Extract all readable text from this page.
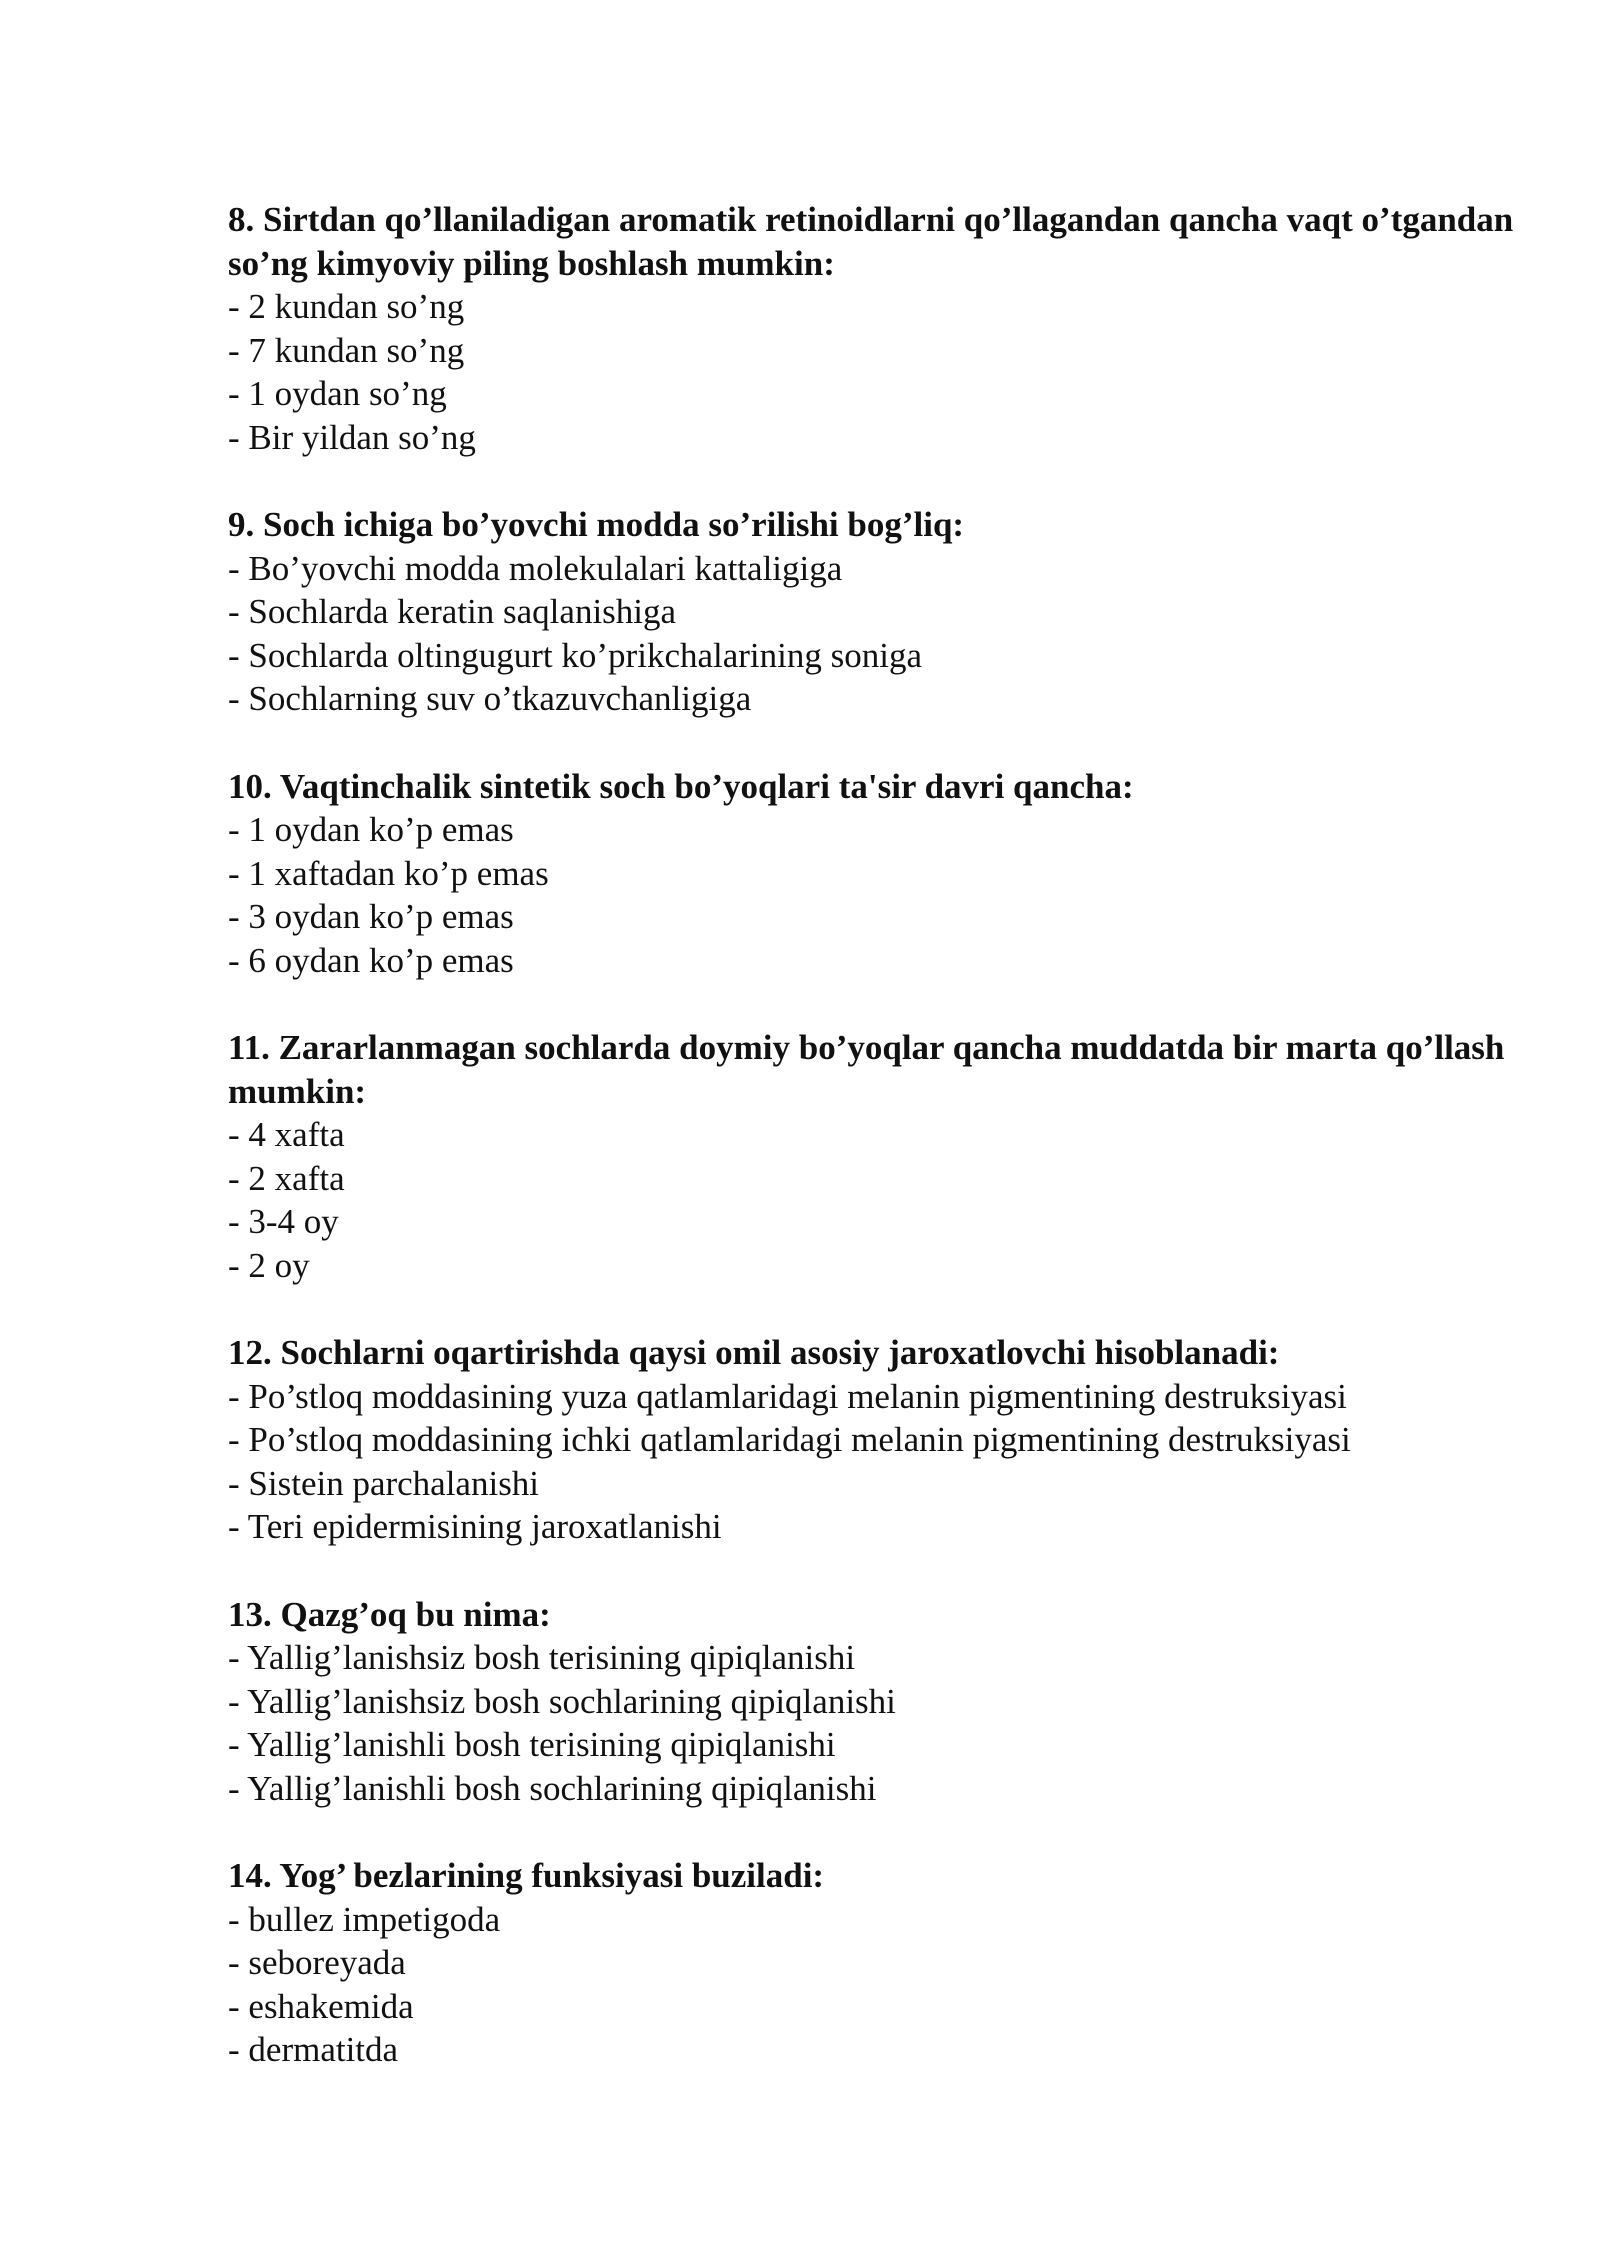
8. Sirtdan qo’llaniladigan aromatik retinoidlarni qo’llagandan qancha vaqt o’tgandan so’ng kimyoviy piling boshlash mumkin:

- 2 kundan so’ng

- 7 kundan so’ng

- 1 oydan so’ng

- Bir yildan so’ng

9. Soch ichiga bo’yovchi modda so’rilishi bog’liq:

- Bo’yovchi modda molekulalari kattaligiga

- Sochlarda keratin saqlanishiga

- Sochlarda oltingugurt ko’prikchalarining soniga

- Sochlarning suv o’tkazuvchanligiga

10. Vaqtinchalik sintetik soch bo’yoqlari ta'sir davri qancha:

- 1 oydan ko’p emas

- 1 xaftadan ko’p emas

- 3 oydan ko’p emas

- 6 oydan ko’p emas

11. Zararlanmagan sochlarda doymiy bo’yoqlar qancha muddatda bir marta qo’llash mumkin:

- 4 xafta

- 2 xafta

- 3-4 oy

- 2 oy

12. Sochlarni oqartirishda qaysi omil asosiy jaroxatlovchi hisoblanadi:

- Po’stloq moddasining yuza qatlamlaridagi melanin pigmentining destruksiyasi

- Po’stloq moddasining ichki qatlamlaridagi melanin pigmentining destruksiyasi

- Sistein parchalanishi

- Teri epidermisining jaroxatlanishi

13. Qazg’oq bu nima:

- Yallig’lanishsiz bosh terisining qipiqlanishi

- Yallig’lanishsiz bosh sochlarining qipiqlanishi

- Yallig’lanishli bosh terisining qipiqlanishi

- Yallig’lanishli bosh sochlarining qipiqlanishi

14. Yog’ bezlarining funksiyasi buziladi:

- bullez impetigoda

- seboreyada

- eshakemida

- dermatitda
